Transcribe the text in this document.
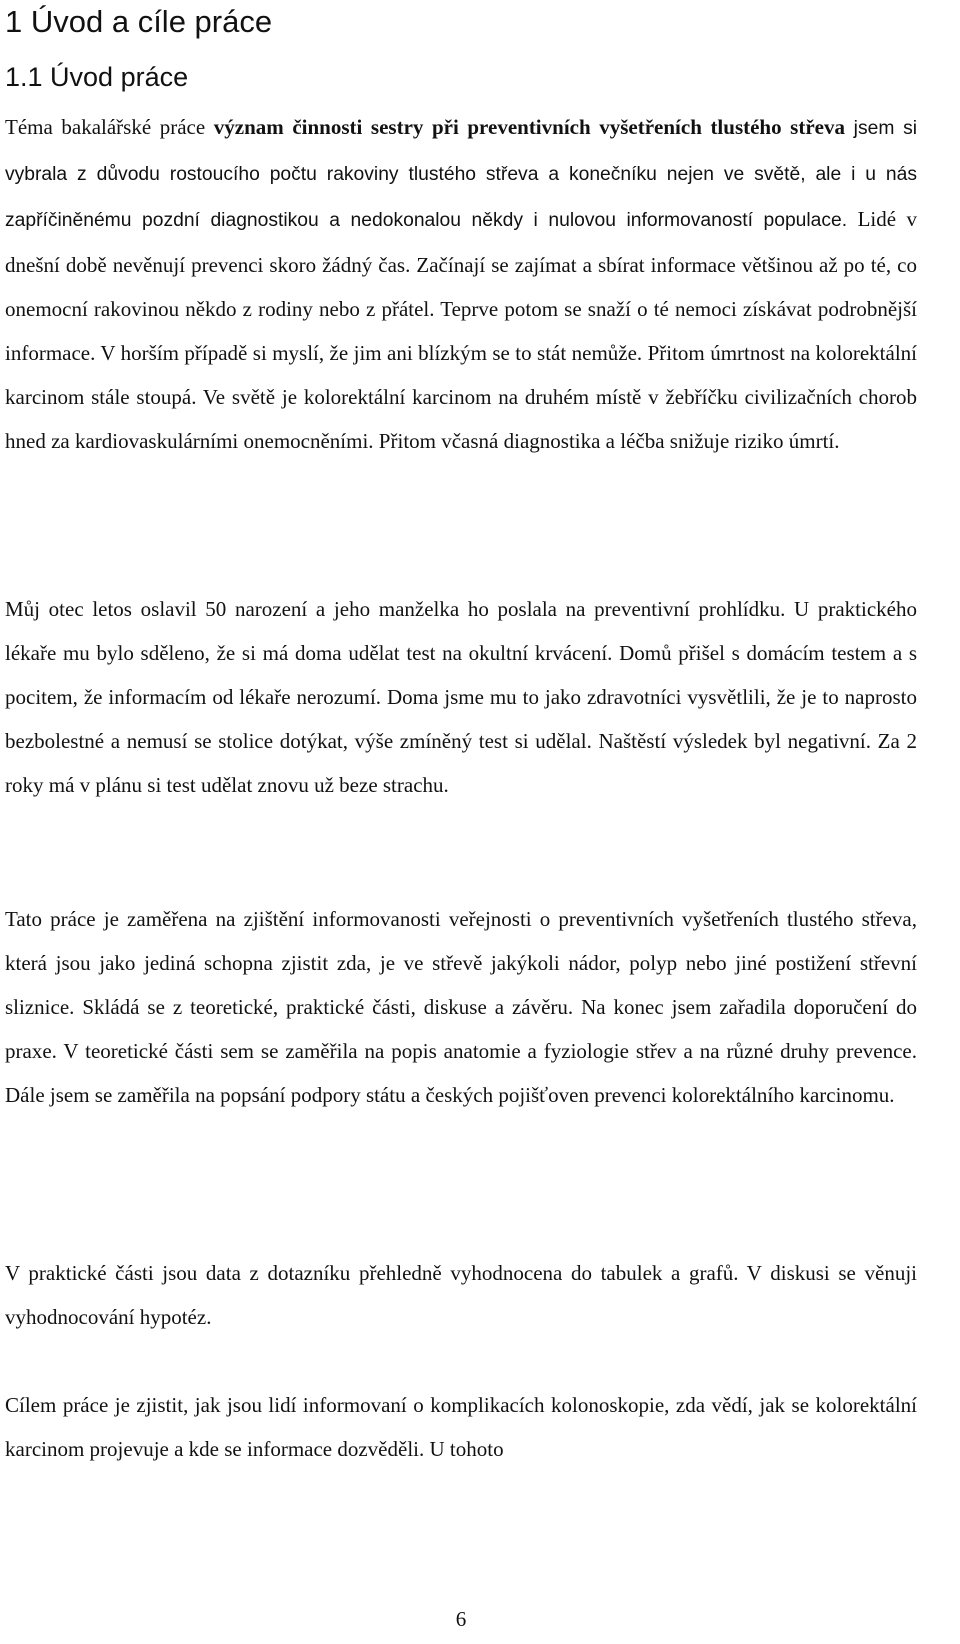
1 Úvod a cíle práce
1.1 Úvod práce

Téma bakalářské práce význam činnosti sestry při preventivních vyšetřeních tlustého střeva jsem si vybrala z důvodu rostoucího počtu rakoviny tlustého střeva a konečníku nejen ve světě, ale i u nás zapříčiněnému pozdní diagnostikou a nedokonalou někdy i nulovou informovaností populace. Lidé v dnešní době nevěnují prevenci skoro žádný čas. Začínají se zajímat a sbírat informace většinou až po té, co onemocní rakovinou někdo z rodiny nebo z přátel. Teprve potom se snaží o té nemoci získávat podrobnější informace. V horším případě si myslí, že jim ani blízkým se to stát nemůže. Přitom úmrtnost na kolorektální karcinom stále stoupá. Ve světě je kolorektální karcinom na druhém místě v žebříčku civilizačních chorob hned za kardiovaskulárními onemocněními. Přitom včasná diagnostika a léčba snižuje riziko úmrtí.

Můj otec letos oslavil 50 narození a jeho manželka ho poslala na preventivní prohlídku. U praktického lékaře mu bylo sděleno, že si má doma udělat test na okultní krvácení. Domů přišel s domácím testem a s pocitem, že informacím od lékaře nerozumí. Doma jsme mu to jako zdravotníci vysvětlili, že je to naprosto bezbolestné a nemusí se stolice dotýkat, výše zmíněný test si udělal. Naštěstí výsledek byl negativní. Za 2 roky má v plánu si test udělat znovu už beze strachu.

Tato práce je zaměřena na zjištění informovanosti veřejnosti o preventivních vyšetřeních tlustého střeva, která jsou jako jediná schopna zjistit zda, je ve střevě jakýkoli nádor, polyp nebo jiné postižení střevní sliznice. Skládá se z teoretické, praktické části, diskuse a závěru. Na konec jsem zařadila doporučení do praxe. V teoretické části sem se zaměřila na popis anatomie a fyziologie střev a na různé druhy prevence. Dále jsem se zaměřila na popsání podpory státu a českých pojišťoven prevenci kolorektálního karcinomu.

V praktické části jsou data z dotazníku přehledně vyhodnocena do tabulek a grafů. V diskusi se věnuji vyhodnocování hypotéz.

Cílem práce je zjistit, jak jsou lidí informovaní o komplikacích kolonoskopie, zda vědí, jak se kolorektální karcinom projevuje a kde se informace dozvěděli. U tohoto

6
